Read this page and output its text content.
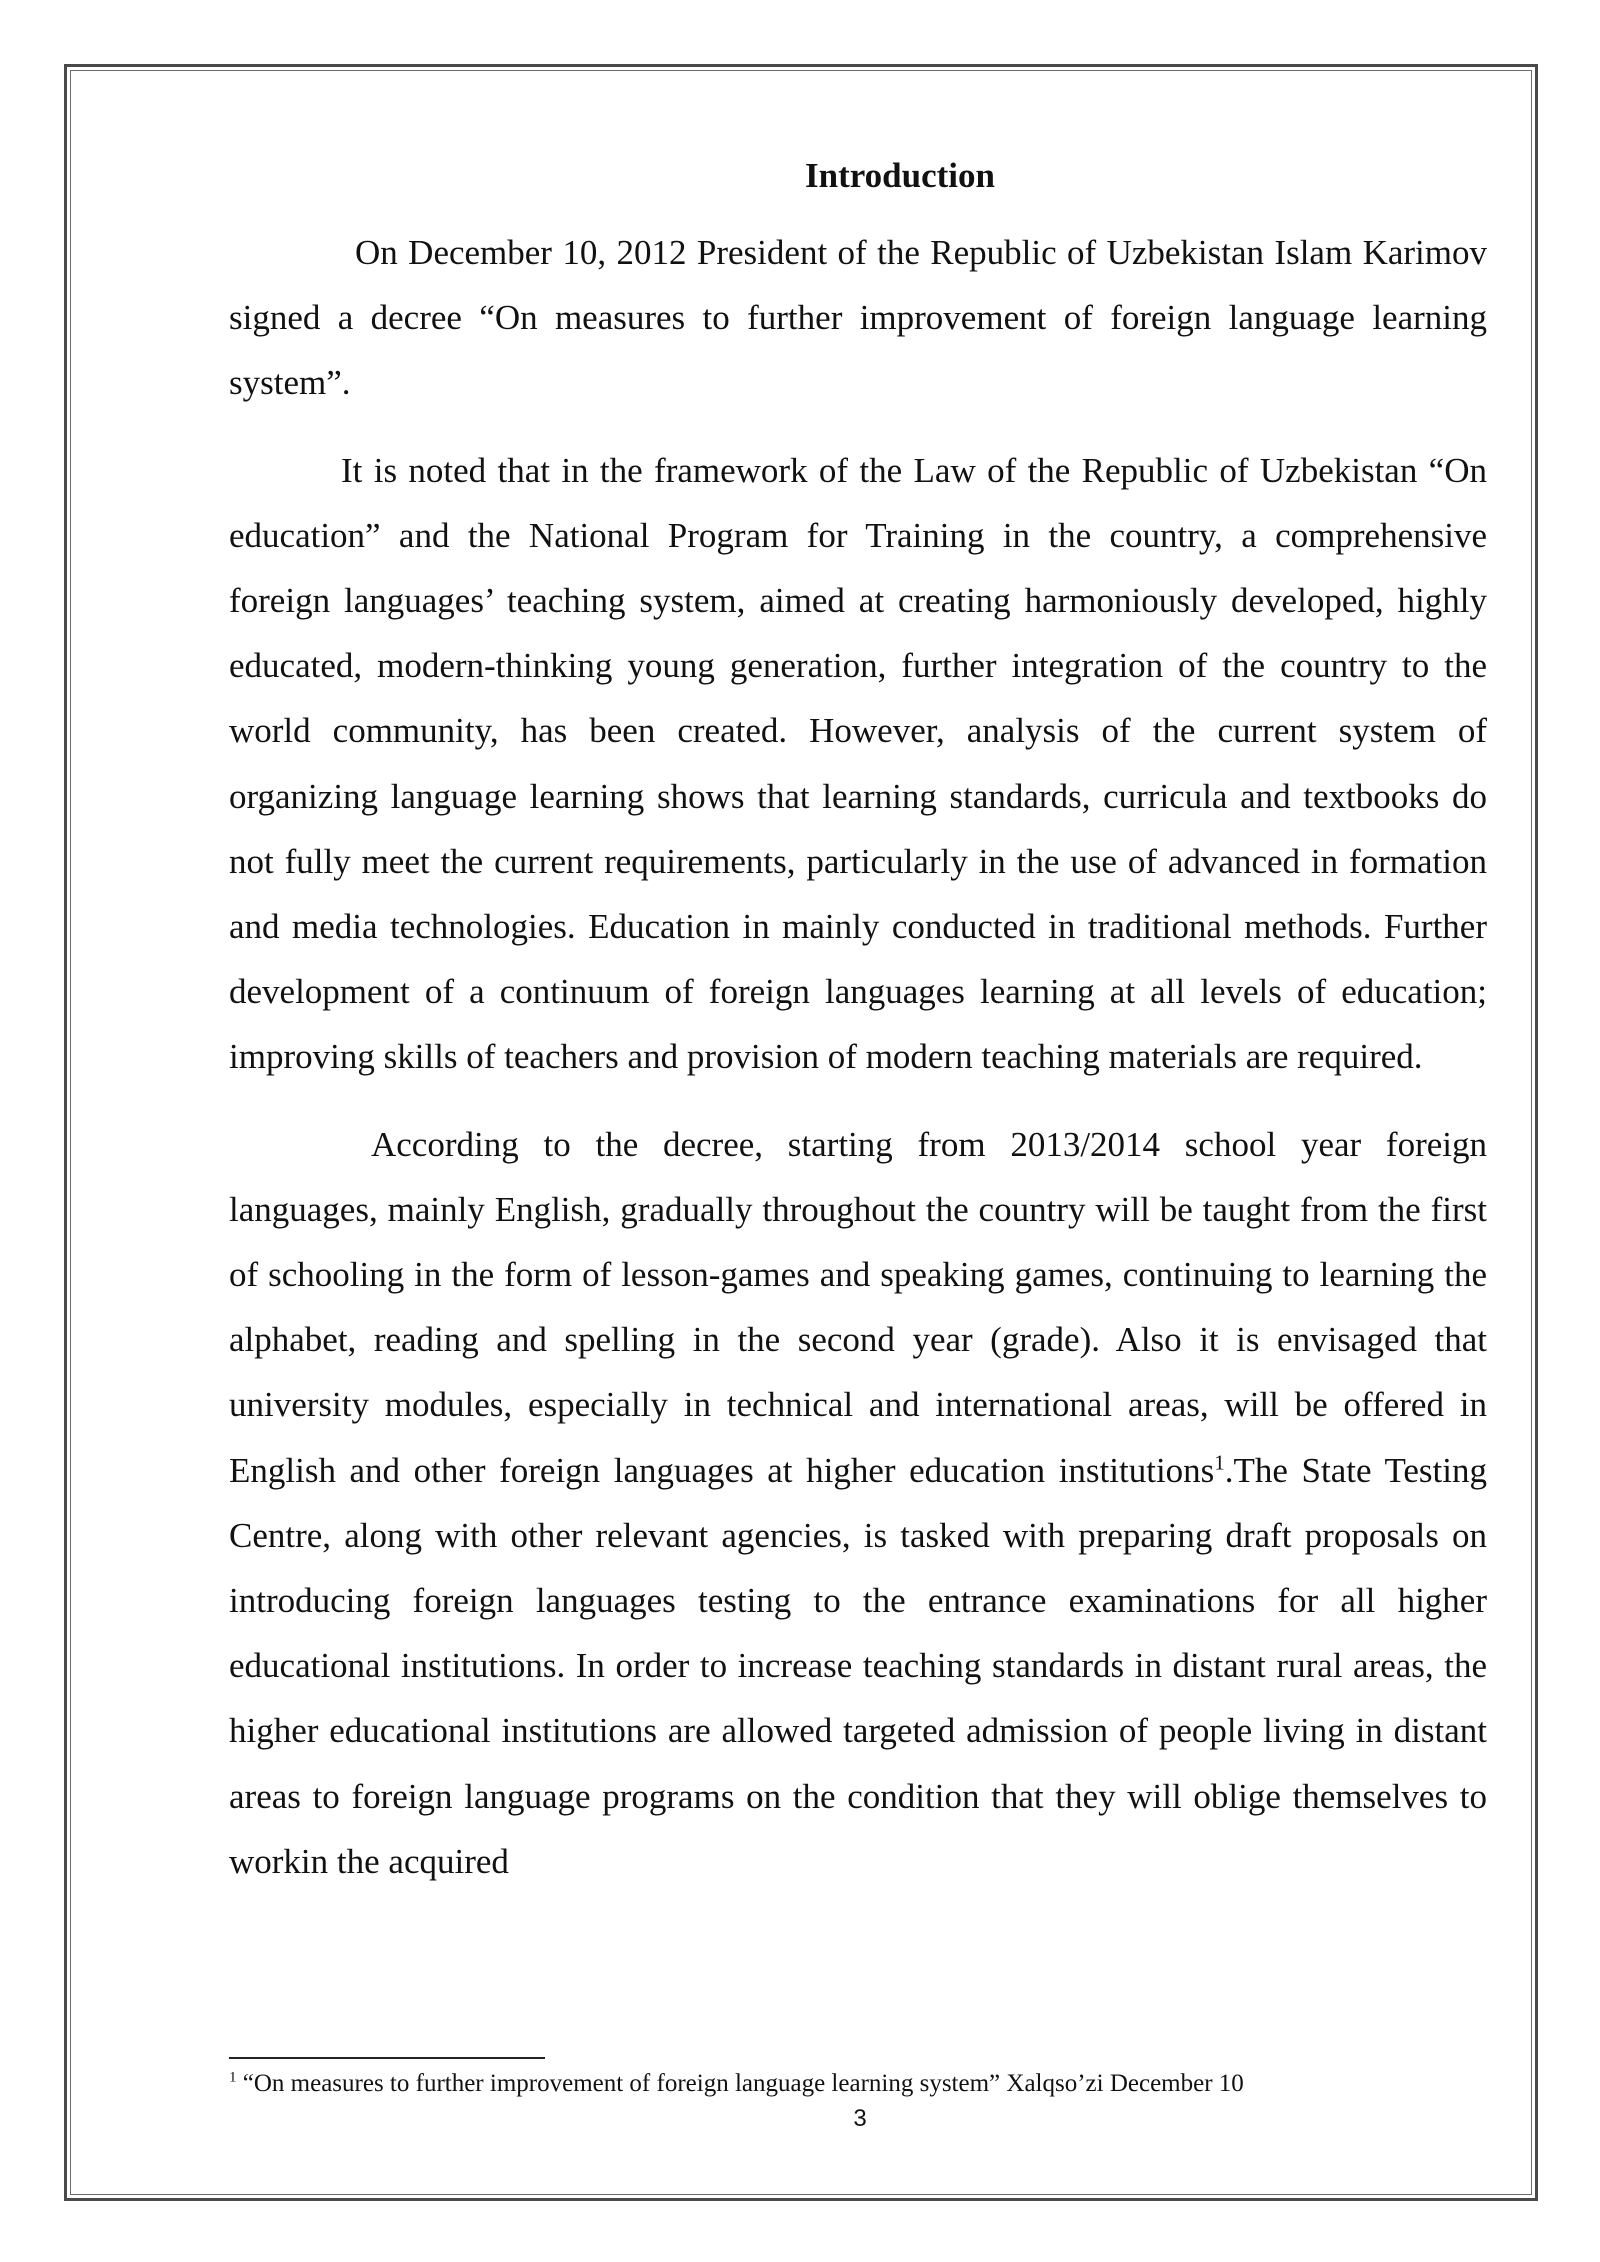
Introduction

On December 10, 2012 President of the Republic of Uzbekistan Islam Karimov signed a decree “On measures to further improvement of foreign language learning system”.

It is noted that in the framework of the Law of the Republic of Uzbekistan “On education” and the National Program for Training in the country, a comprehensive foreign languages’ teaching system, aimed at creating harmoniously developed, highly educated, modern-thinking young generation, further integration of the country to the world community, has been created. However, analysis of the current system of organizing language learning shows that learning standards, curricula and textbooks do not fully meet the current requirements, particularly in the use of advanced in formation and media technologies. Education in mainly conducted in traditional methods. Further development of a continuum of foreign languages learning at all levels of education; improving skills of teachers and provision of modern teaching materials are required.

According to the decree, starting from 2013/2014 school year foreign languages, mainly English, gradually throughout the country will be taught from the first of schooling in the form of lesson-games and speaking games, continuing to learning the alphabet, reading and spelling in the second year (grade). Also it is envisaged that university modules, especially in technical and international areas, will be offered in English and other foreign languages at higher education institutions$^1$.The State Testing Centre, along with other relevant agencies, is tasked with preparing draft proposals on introducing foreign languages testing to the entrance examinations for all higher educational institutions. In order to increase teaching standards in distant rural areas, the higher educational institutions are allowed targeted admission of people living in distant areas to foreign language programs on the condition that they will oblige themselves to workin the acquired

$^1$ “On measures to further improvement of foreign language learning system” Xalqso’zi December 10
3
